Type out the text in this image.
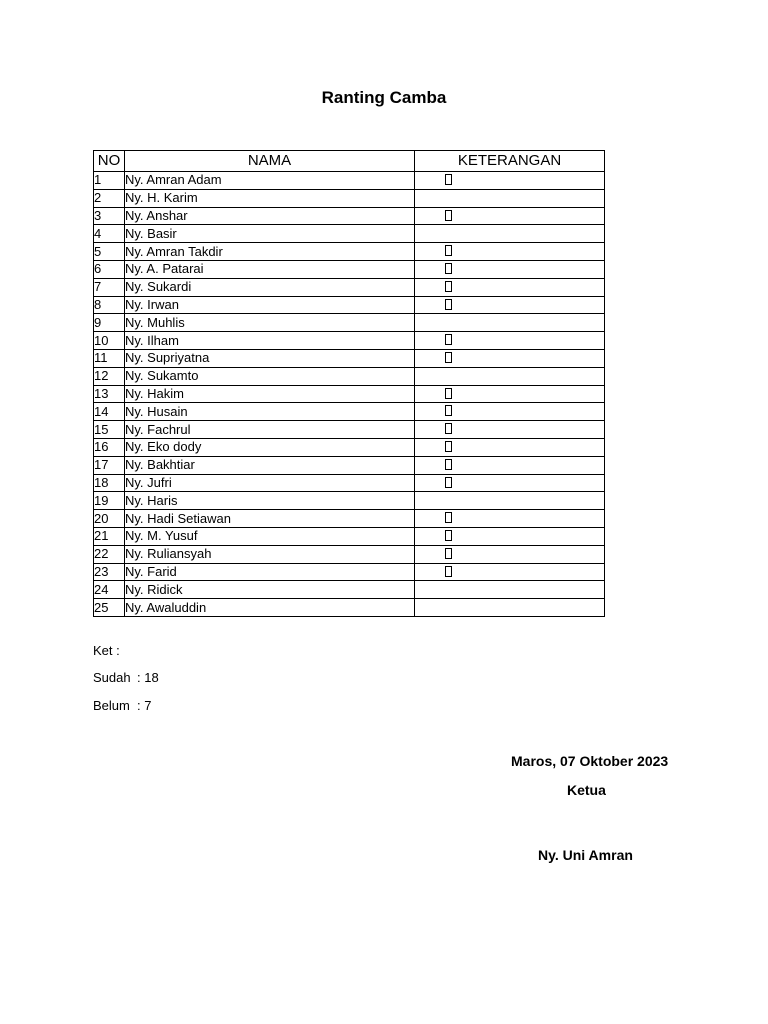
Ranting Camba
NO	NAMA	KETERANGAN
1	Ny. Amran Adam	

2	Ny. H. Karim	
3	Ny. Anshar	

4	Ny. Basir	
5	Ny. Amran Takdir	

6	Ny. A. Patarai	

7	Ny. Sukardi	

8	Ny. Irwan	

9	Ny. Muhlis	
10	Ny. Ilham	

11	Ny. Supriyatna	

12	Ny. Sukamto	
13	Ny. Hakim	

14	Ny. Husain	

15	Ny. Fachrul	

16	Ny. Eko dody	

17	Ny. Bakhtiar	

18	Ny. Jufri	

19	Ny. Haris	
20	Ny. Hadi Setiawan	

21	Ny. M. Yusuf	

22	Ny. Ruliansyah	

23	Ny. Farid	

24	Ny. Ridick	
25	Ny. Awaluddin	
Ket :
Sudah : 18
Belum : 7
Maros, 07 Oktober 2023
Ketua
Ny. Uni Amran
